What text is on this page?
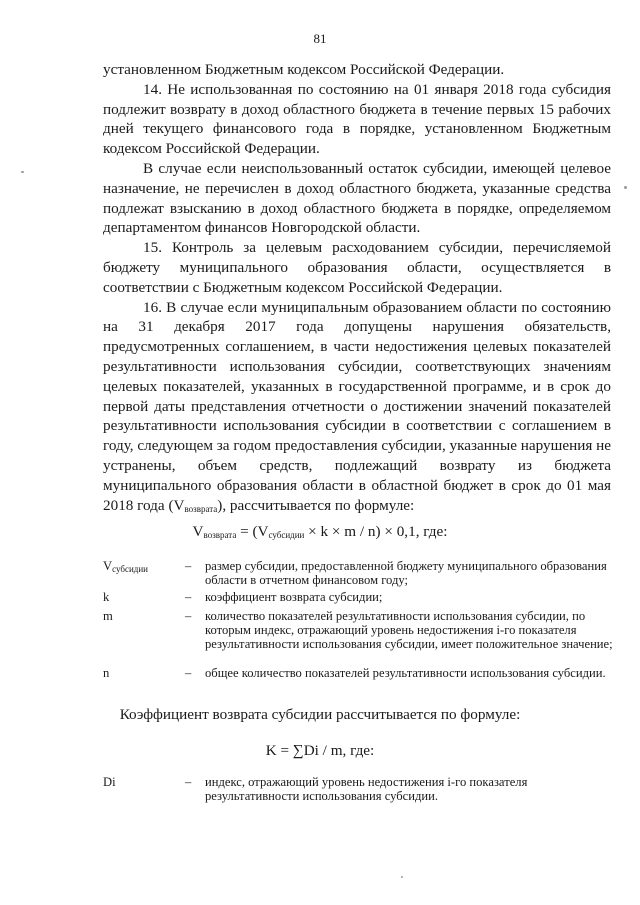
81

установленном Бюджетным кодексом Российской Федерации.

14. Не использованная по состоянию на 01 января 2018 года субсидия подлежит возврату в доход областного бюджета в течение первых 15 рабочих дней текущего финансового года в порядке, установленном Бюджетным кодексом Российской Федерации.

В случае если неиспользованный остаток субсидии, имеющей целевое назначение, не перечислен в доход областного бюджета, указанные средства подлежат взысканию в доход областного бюджета в порядке, определяемом департаментом финансов Новгородской области.

15. Контроль за целевым расходованием субсидии, перечисляемой бюджету муниципального образования области, осуществляется в соответствии с Бюджетным кодексом Российской Федерации.

16. В случае если муниципальным образованием области по состоянию на 31 декабря 2017 года допущены нарушения обязательств, предусмотренных соглашением, в части недостижения целевых показателей результативности использования субсидии, соответствующих значениям целевых показателей, указанных в государственной программе, и в срок до первой даты представления отчетности о достижении значений показателей результативности использования субсидии в соответствии с соглашением в году, следующем за годом предоставления субсидии, указанные нарушения не устранены, объем средств, подлежащий возврату из бюджета муниципального образования области в областной бюджет в срок до 01 мая 2018 года $(V_{возврата})$, рассчитывается по формуле:

$V_{возврата} = (V_{субсидии} \times k \times m / n) \times 0,1$, где:
$V_{субсидии}$	– размер субсидии, предоставленной бюджету муниципального образования области в отчетном финансовом году;
k	– коэффициент возврата субсидии;
m	– количество показателей результативности использования субсидии, по которым индекс, отражающий уровень недостижения i-го показателя результативности использования субсидии, имеет положительное значение;
n	– общее количество показателей результативности использования субсидии.
Коэффициент возврата субсидии рассчитывается по формуле:
K = ∑Di / m, где:
Di	– индекс, отражающий уровень недостижения i-го показателя результативности использования субсидии.
